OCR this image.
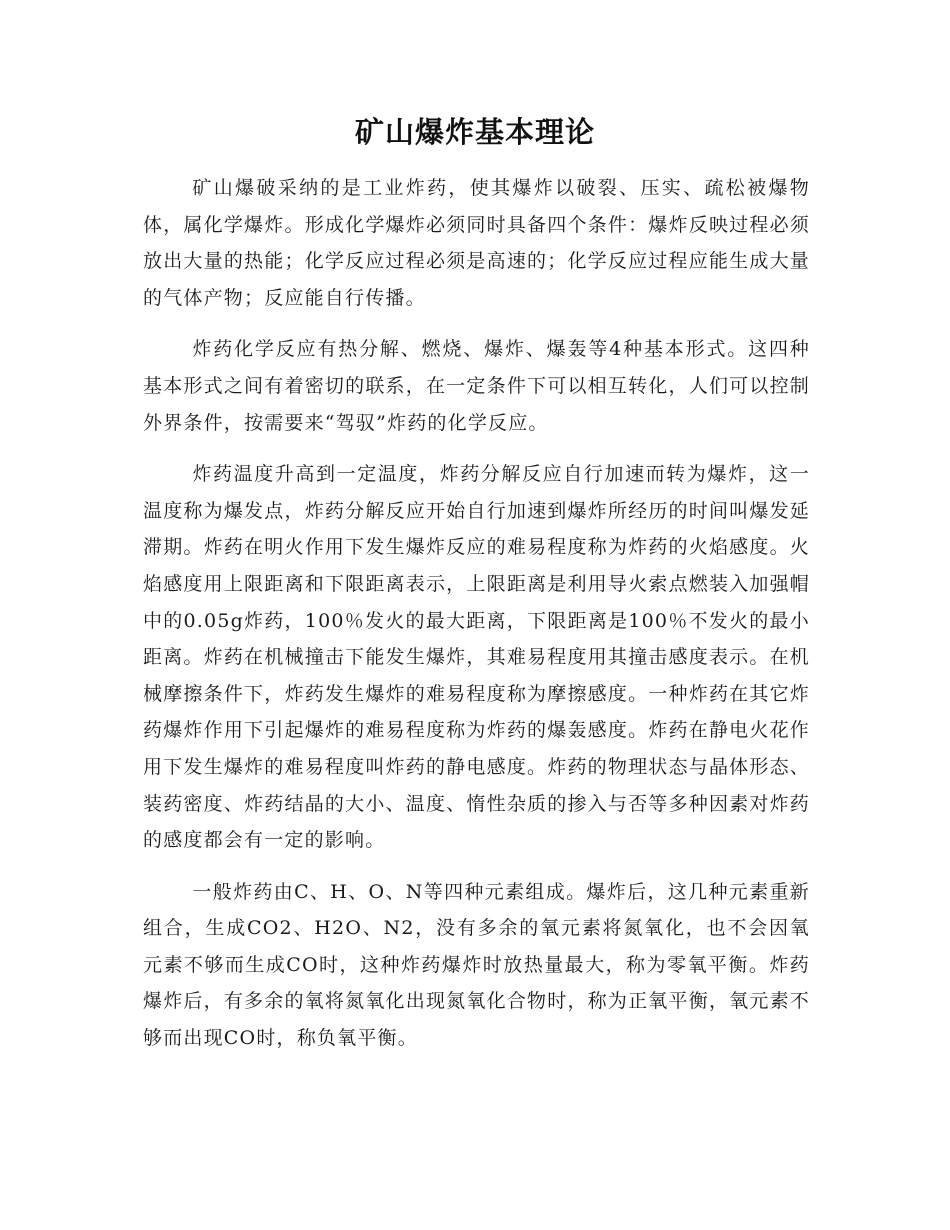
矿山爆炸基本理论

矿山爆破采纳的是工业炸药，使其爆炸以破裂、压实、疏松被爆物体，属化学爆炸。形成化学爆炸必须同时具备四个条件：爆炸反映过程必须放出大量的热能；化学反应过程必须是高速的；化学反应过程应能生成大量的气体产物；反应能自行传播。

炸药化学反应有热分解、燃烧、爆炸、爆轰等4种基本形式。这四种基本形式之间有着密切的联系，在一定条件下可以相互转化，人们可以控制外界条件，按需要来“驾驭”炸药的化学反应。

炸药温度升高到一定温度，炸药分解反应自行加速而转为爆炸，这一温度称为爆发点，炸药分解反应开始自行加速到爆炸所经历的时间叫爆发延滞期。炸药在明火作用下发生爆炸反应的难易程度称为炸药的火焰感度。火焰感度用上限距离和下限距离表示，上限距离是利用导火索点燃装入加强帽中的0.05g炸药，100％发火的最大距离，下限距离是100％不发火的最小距离。炸药在机械撞击下能发生爆炸，其难易程度用其撞击感度表示。在机械摩擦条件下，炸药发生爆炸的难易程度称为摩擦感度。一种炸药在其它炸药爆炸作用下引起爆炸的难易程度称为炸药的爆轰感度。炸药在静电火花作用下发生爆炸的难易程度叫炸药的静电感度。炸药的物理状态与晶体形态、装药密度、炸药结晶的大小、温度、惰性杂质的掺入与否等多种因素对炸药的感度都会有一定的影响。

一般炸药由C、H、O、N等四种元素组成。爆炸后，这几种元素重新组合，生成CO2、H2O、N2，没有多余的氧元素将氮氧化，也不会因氧元素不够而生成CO时，这种炸药爆炸时放热量最大，称为零氧平衡。炸药爆炸后，有多余的氧将氮氧化出现氮氧化合物时，称为正氧平衡，氧元素不够而出现CO时，称负氧平衡。
